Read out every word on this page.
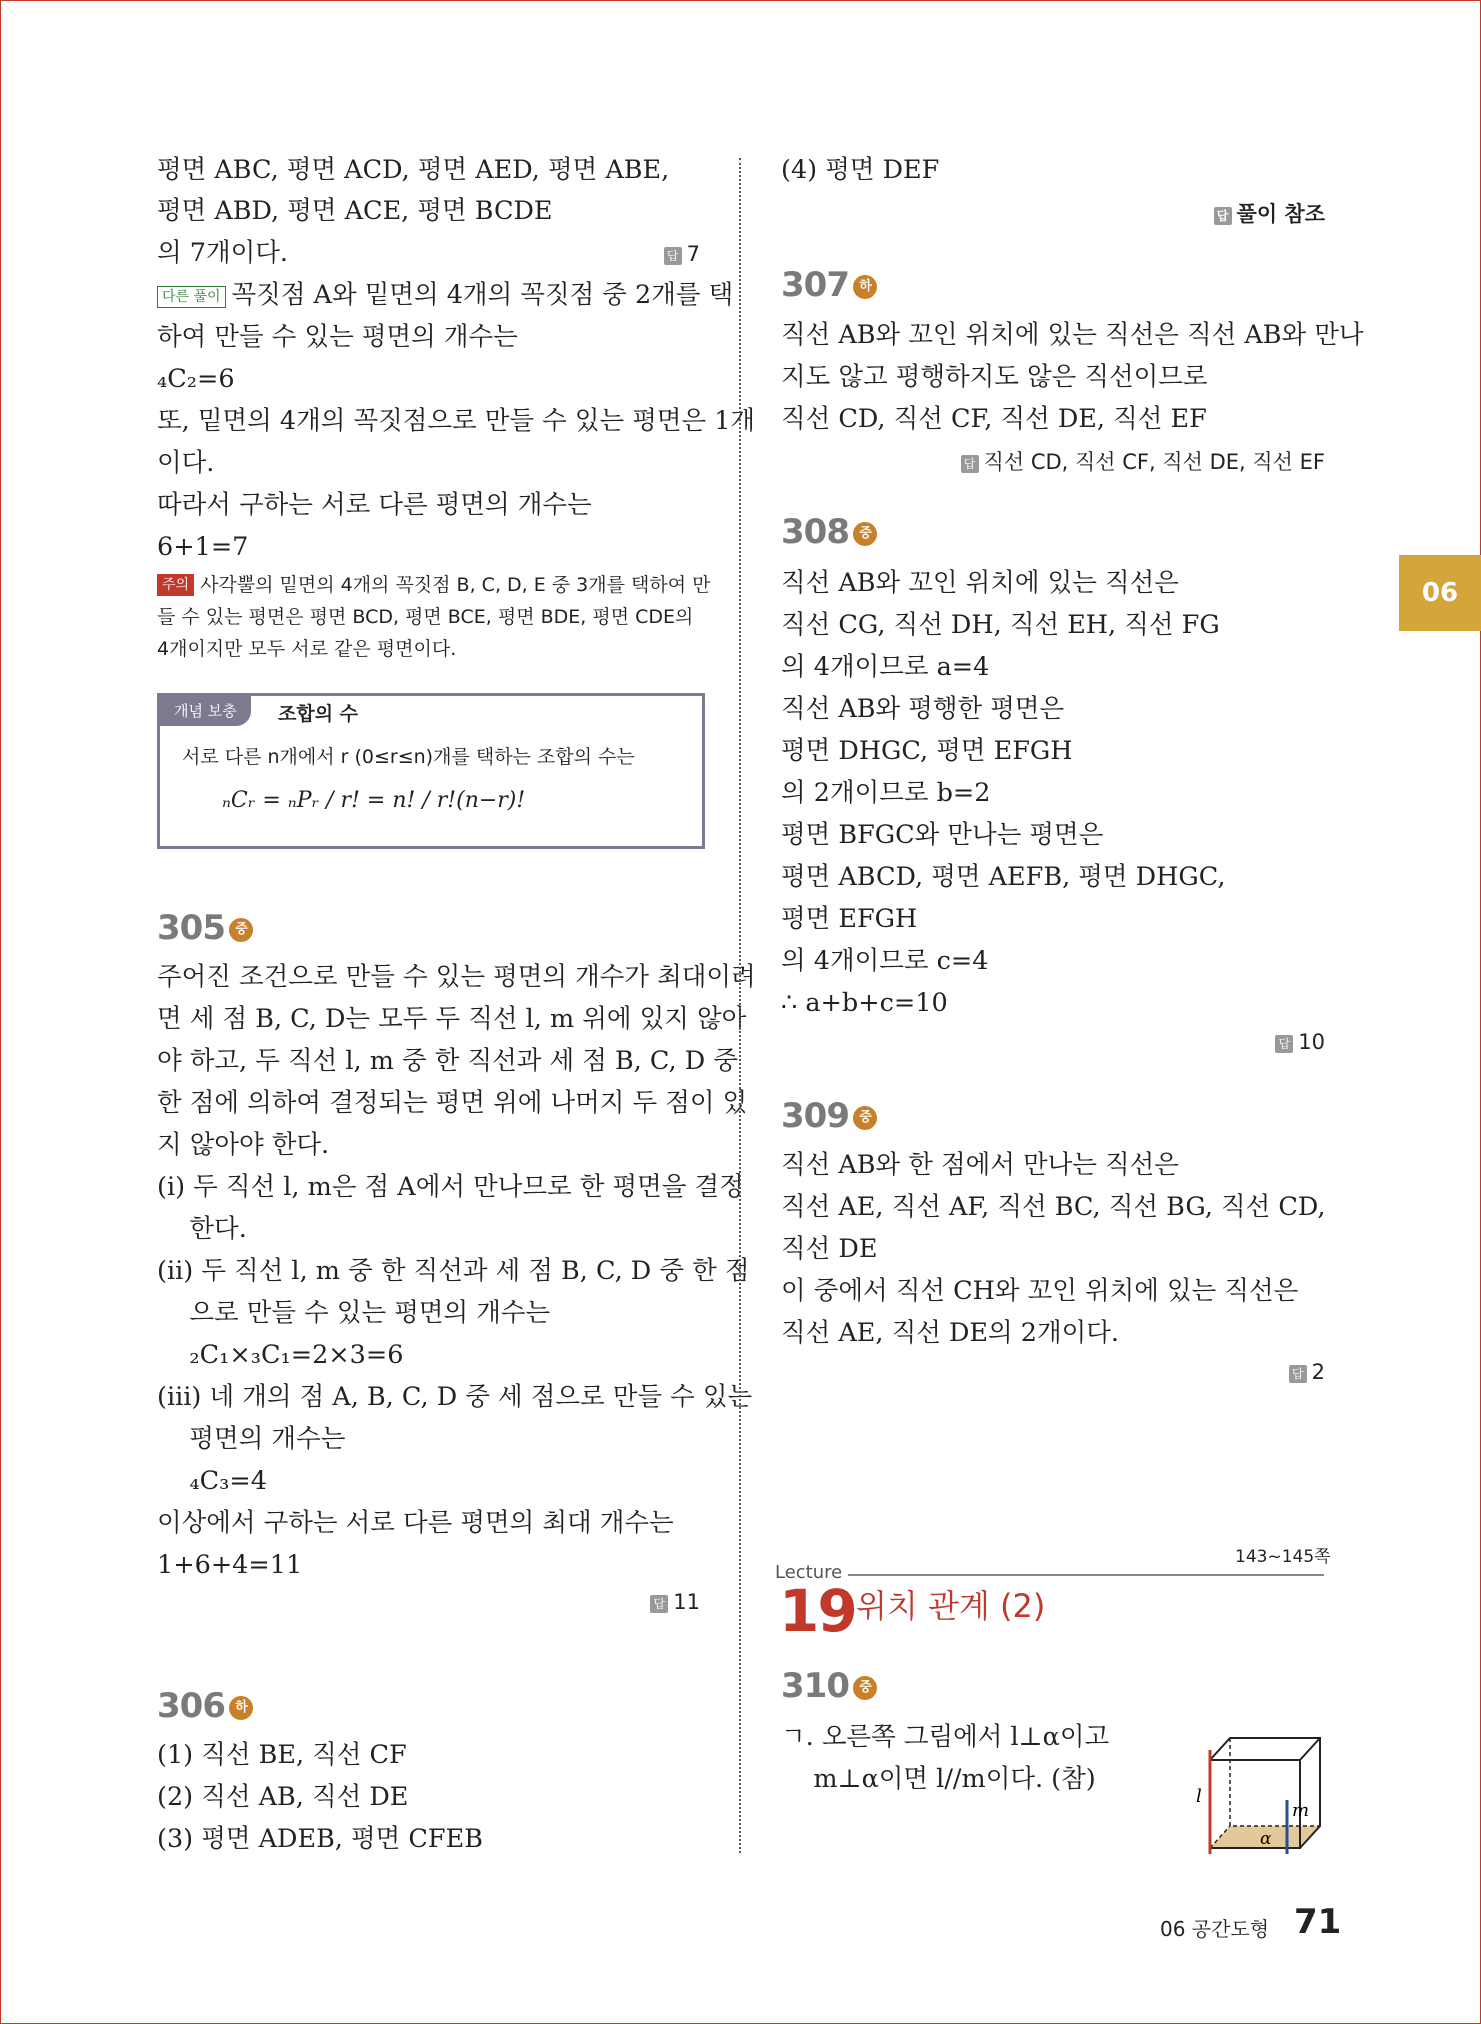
평면 ABC, 평면 ACD, 평면 AED, 평면 ABE,
평면 ABD, 평면 ACE, 평면 BCDE
의 7개이다.	답 7
다른 풀이 꼭짓점 A와 밑면의 4개의 꼭짓점 중 2개를 택
하여 만들 수 있는 평면의 개수는
₄C₂=6
또, 밑면의 4개의 꼭짓점으로 만들 수 있는 평면은 1개
이다.
따라서 구하는 서로 다른 평면의 개수는
6+1=7
주의 사각뿔의 밑면의 4개의 꼭짓점 B, C, D, E 중 3개를 택하여 만
들 수 있는 평면은 평면 BCD, 평면 BCE, 평면 BDE, 평면 CDE의
4개이지만 모두 서로 같은 평면이다.
개념 보충	조합의 수
서로 다른 n개에서 r (0≤r≤n)개를 택하는 조합의 수는
ₙCᵣ = ₙPᵣ / r! = n! / r!(n−r)!
305 중
주어진 조건으로 만들 수 있는 평면의 개수가 최대이려
면 세 점 B, C, D는 모두 두 직선 l, m 위에 있지 않아
야 하고, 두 직선 l, m 중 한 직선과 세 점 B, C, D 중
한 점에 의하여 결정되는 평면 위에 나머지 두 점이 있
지 않아야 한다.
(ⅰ) 두 직선 l, m은 점 A에서 만나므로 한 평면을 결정
한다.
(ⅱ) 두 직선 l, m 중 한 직선과 세 점 B, C, D 중 한 점
으로 만들 수 있는 평면의 개수는
₂C₁×₃C₁=2×3=6
(ⅲ) 네 개의 점 A, B, C, D 중 세 점으로 만들 수 있는
평면의 개수는
₄C₃=4
이상에서 구하는 서로 다른 평면의 최대 개수는
1+6+4=11
답 11
306 하
(1) 직선 BE, 직선 CF
(2) 직선 AB, 직선 DE
(3) 평면 ADEB, 평면 CFEB
(4) 평면 DEF
답 풀이 참조
307 하
직선 AB와 꼬인 위치에 있는 직선은 직선 AB와 만나
지도 않고 평행하지도 않은 직선이므로
직선 CD, 직선 CF, 직선 DE, 직선 EF
답 직선 CD, 직선 CF, 직선 DE, 직선 EF
308 중
직선 AB와 꼬인 위치에 있는 직선은
직선 CG, 직선 DH, 직선 EH, 직선 FG
의 4개이므로 a=4
직선 AB와 평행한 평면은
평면 DHGC, 평면 EFGH
의 2개이므로 b=2
평면 BFGC와 만나는 평면은
평면 ABCD, 평면 AEFB, 평면 DHGC,
평면 EFGH
의 4개이므로 c=4
∴ a+b+c=10
답 10
309 중
직선 AB와 한 점에서 만나는 직선은
직선 AE, 직선 AF, 직선 BC, 직선 BG, 직선 CD,
직선 DE
이 중에서 직선 CH와 꼬인 위치에 있는 직선은
직선 AE, 직선 DE의 2개이다.
답 2
Lecture
143~145쪽
19 위치 관계 (2)
310 중
ㄱ. 오른쪽 그림에서 l⊥α이고
m⊥α이면 l//m이다. (참)
l
m
α
06
06 공간도형 71
